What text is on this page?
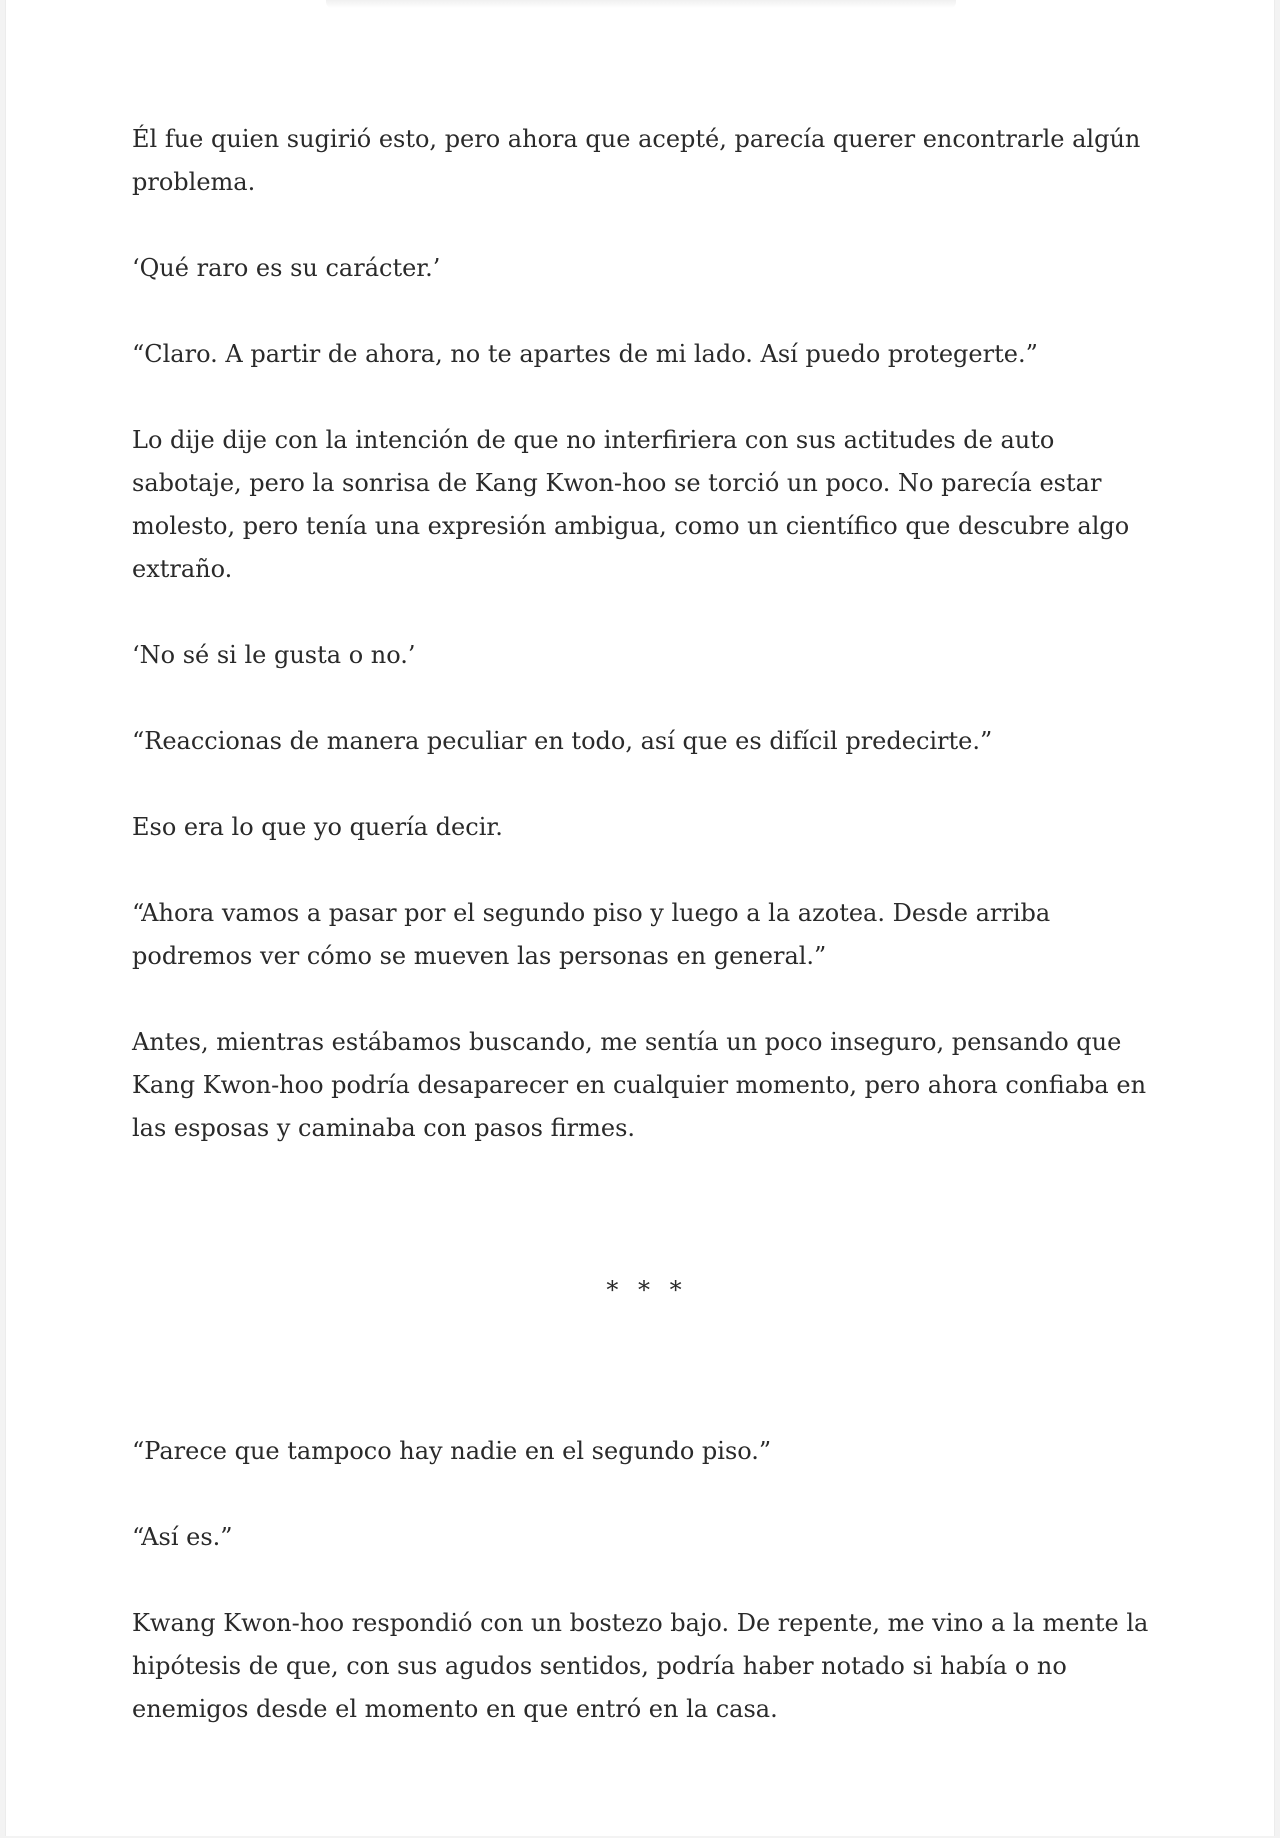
Él fue quien sugirió esto, pero ahora que acepté, parecía querer encontrarle algún problema.

‘Qué raro es su carácter.’

“Claro. A partir de ahora, no te apartes de mi lado. Así puedo protegerte.”

Lo dije dije con la intención de que no interfiriera con sus actitudes de auto sabotaje, pero la sonrisa de Kang Kwon-hoo se torció un poco. No parecía estar molesto, pero tenía una expresión ambigua, como un científico que descubre algo extraño.

‘No sé si le gusta o no.’

“Reaccionas de manera peculiar en todo, así que es difícil predecirte.”

Eso era lo que yo quería decir.

“Ahora vamos a pasar por el segundo piso y luego a la azotea. Desde arriba podremos ver cómo se mueven las personas en general.”

Antes, mientras estábamos buscando, me sentía un poco inseguro, pensando que Kang Kwon-hoo podría desaparecer en cualquier momento, pero ahora confiaba en las esposas y caminaba con pasos firmes.

* * *

“Parece que tampoco hay nadie en el segundo piso.”

“Así es.”

Kwang Kwon-hoo respondió con un bostezo bajo. De repente, me vino a la mente la hipótesis de que, con sus agudos sentidos, podría haber notado si había o no enemigos desde el momento en que entró en la casa.
